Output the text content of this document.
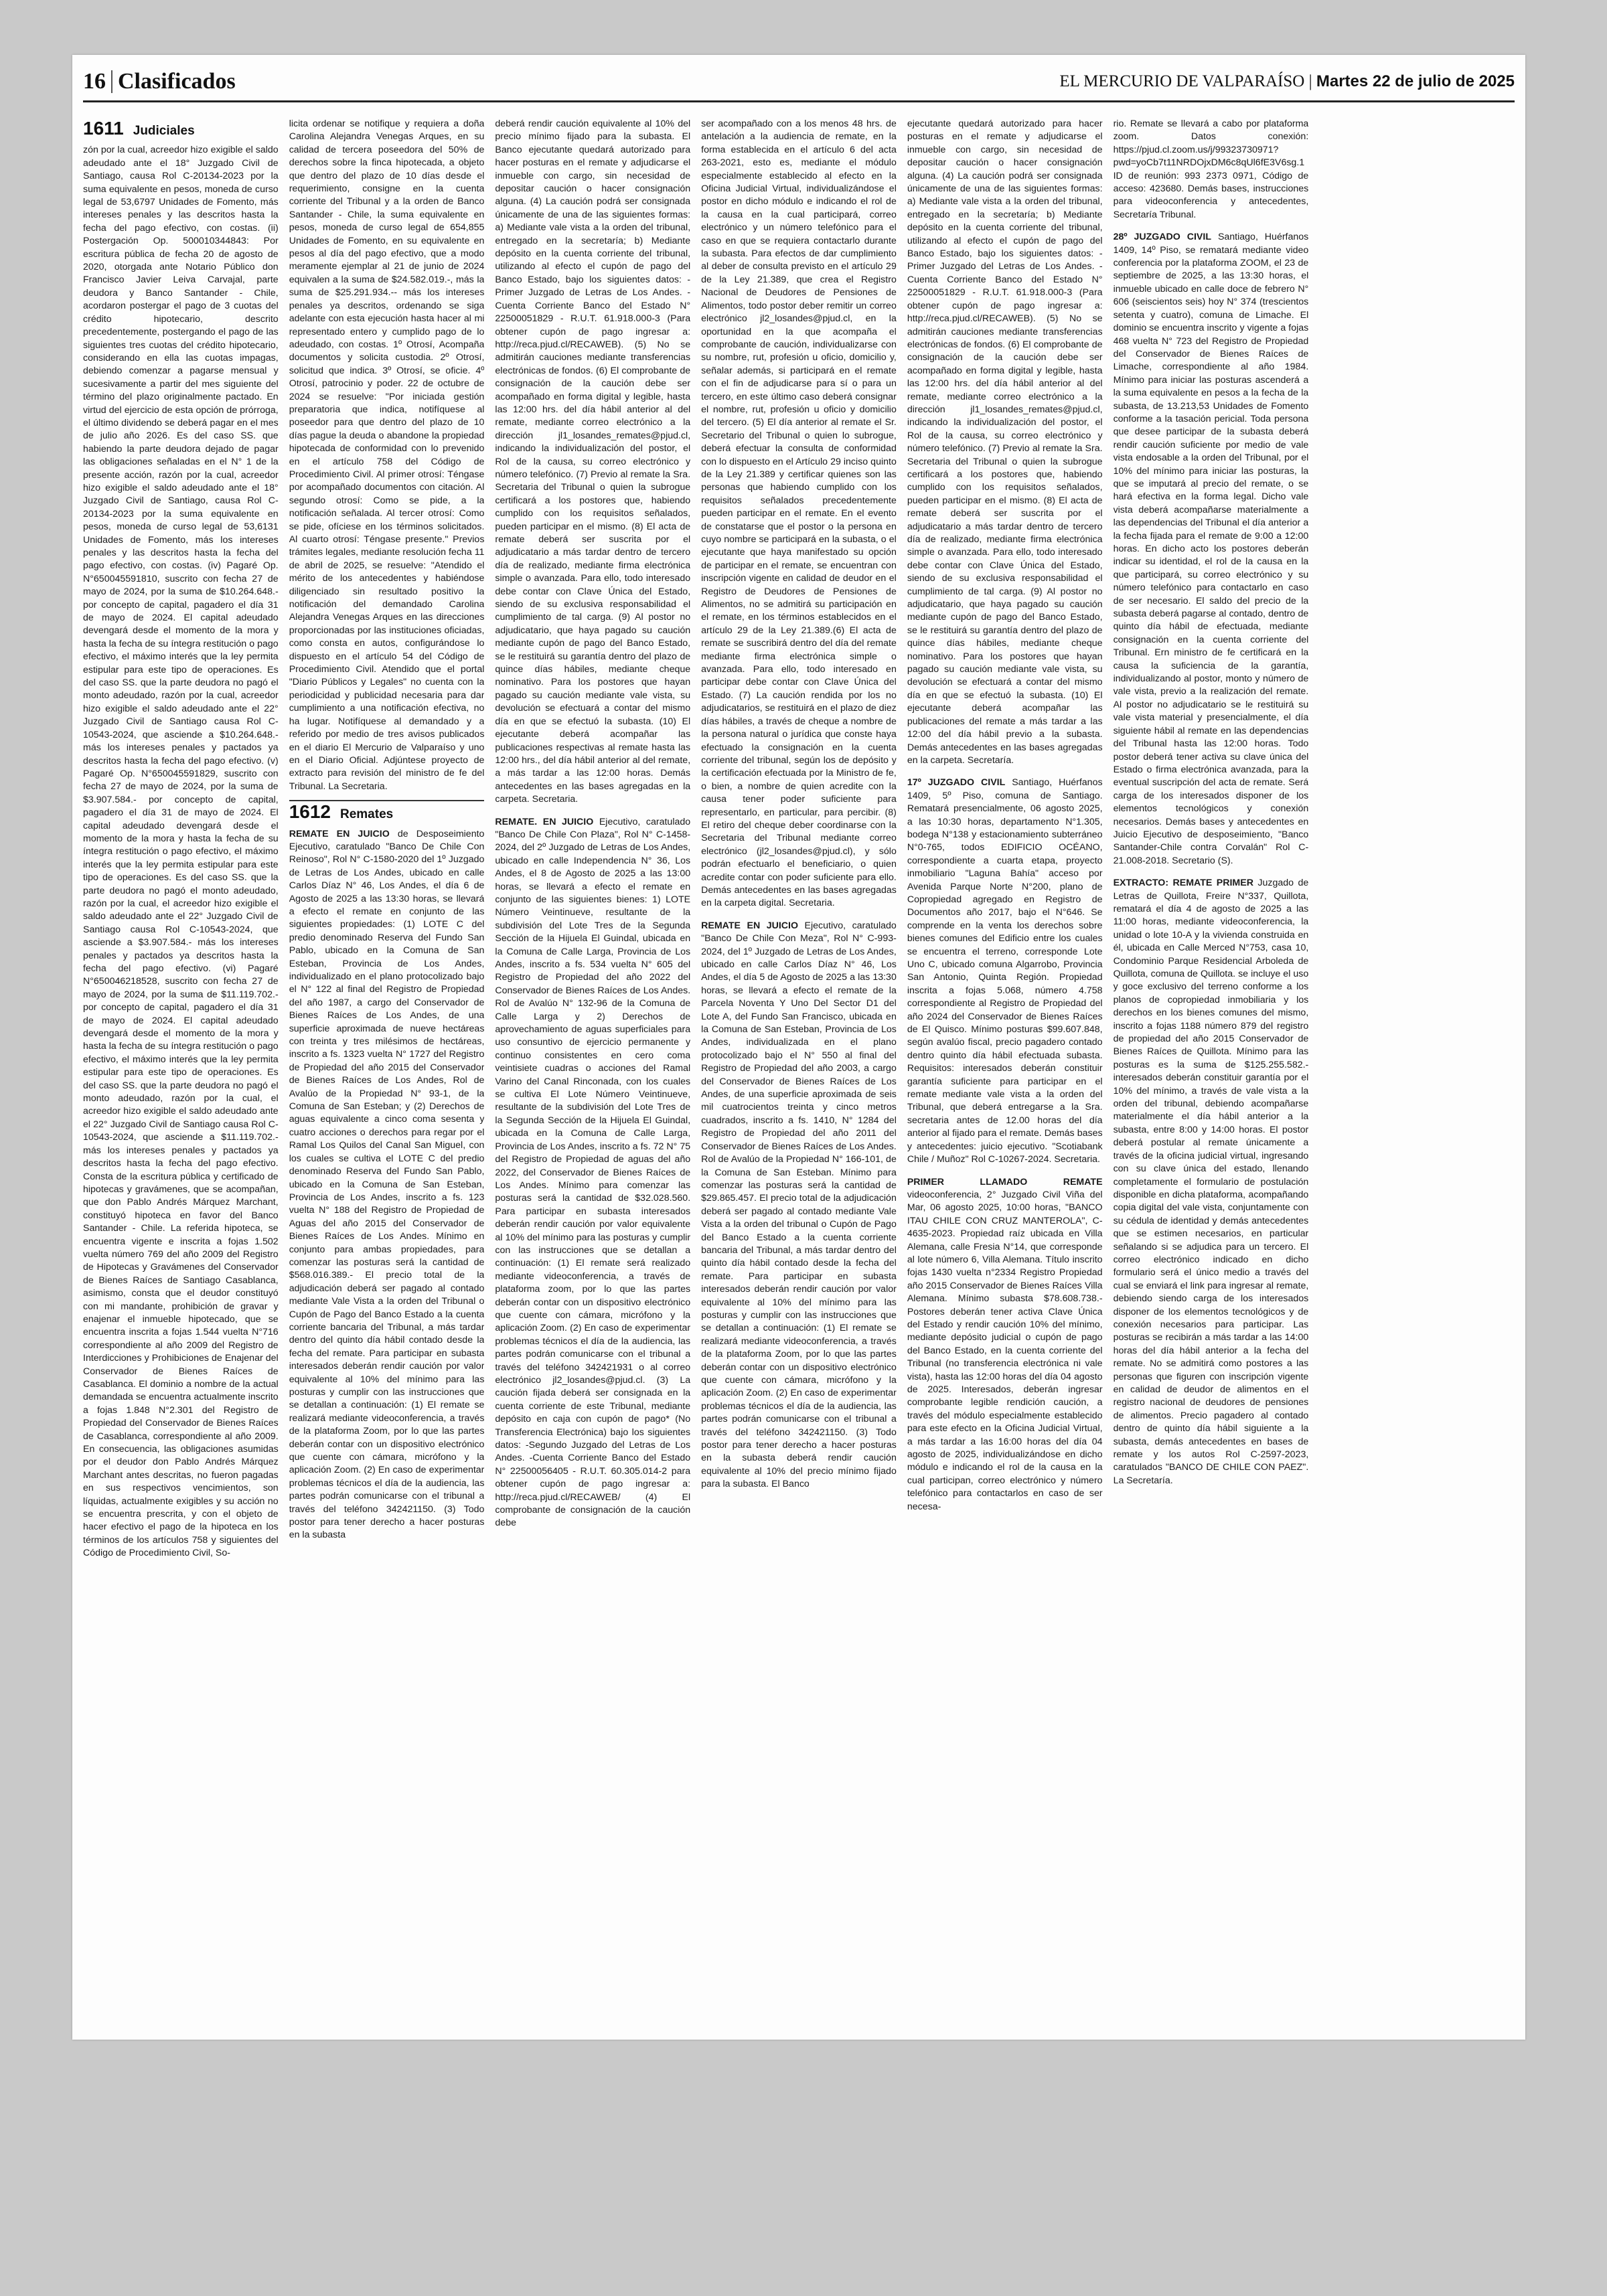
16 Clasificados	EL MERCURIO DE VALPARAÍSO | Martes 22 de julio de 2025
1611 Judiciales

zón por la cual, acreedor hizo exigible el saldo adeudado ante el 18° Juzgado Civil de Santiago, causa Rol C-20134-2023 por la suma equivalente en pesos, moneda de curso legal de 53,6797 Unidades de Fomento, más intereses penales y las descritos hasta la fecha del pago efectivo, con costas. (ii) Postergación Op. 500010344843: Por escritura pública de fecha 20 de agosto de 2020, otorgada ante Notario Público don Francisco Javier Leiva Carvajal, parte deudora y Banco Santander - Chile, acordaron postergar el pago de 3 cuotas del crédito hipotecario, descrito precedentemente, postergando el pago de las siguientes tres cuotas del crédito hipotecario, considerando en ella las cuotas impagas, debiendo comenzar a pagarse mensual y sucesivamente a partir del mes siguiente del término del plazo originalmente pactado. En virtud del ejercicio de esta opción de prórroga, el último dividendo se deberá pagar en el mes de julio año 2026. Es del caso SS. que habiendo la parte deudora dejado de pagar las obligaciones señaladas en el N° 1 de la presente acción, razón por la cual, acreedor hizo exigible el saldo adeudado ante el 18° Juzgado Civil de Santiago, causa Rol C-20134-2023 por la suma equivalente en pesos, moneda de curso legal de 53,6131 Unidades de Fomento, más los intereses penales y las descritos hasta la fecha del pago efectivo, con costas. (iv) Pagaré Op. N°650045591810, suscrito con fecha 27 de mayo de 2024, por la suma de $10.264.648.- por concepto de capital, pagadero el día 31 de mayo de 2024. El capital adeudado devengará desde el momento de la mora y hasta la fecha de su íntegra restitución o pago efectivo, el máximo interés que la ley permita estipular para este tipo de operaciones. Es del caso SS. que la parte deudora no pagó el monto adeudado, razón por la cual, acreedor hizo exigible el saldo adeudado ante el 22° Juzgado Civil de Santiago causa Rol C-10543-2024, que asciende a $10.264.648.- más los intereses penales y pactados ya descritos hasta la fecha del pago efectivo. (v) Pagaré Op. N°650045591829, suscrito con fecha 27 de mayo de 2024, por la suma de $3.907.584.- por concepto de capital, pagadero el día 31 de mayo de 2024. El capital adeudado devengará desde el momento de la mora y hasta la fecha de su íntegra restitución o pago efectivo, el máximo interés que la ley permita estipular para este tipo de operaciones. Es del caso SS. que la parte deudora no pagó el monto adeudado, razón por la cual, el acreedor hizo exigible el saldo adeudado ante el 22° Juzgado Civil de Santiago causa Rol C-10543-2024, que asciende a $3.907.584.- más los intereses penales y pactados ya descritos hasta la fecha del pago efectivo. (vi) Pagaré N°650046218528, suscrito con fecha 27 de mayo de 2024, por la suma de $11.119.702.- por concepto de capital, pagadero el día 31 de mayo de 2024. El capital adeudado devengará desde el momento de la mora y hasta la fecha de su íntegra restitución o pago efectivo, el máximo interés que la ley permita estipular para este tipo de operaciones. Es del caso SS. que la parte deudora no pagó el monto adeudado, razón por la cual, el acreedor hizo exigible el saldo adeudado ante el 22° Juzgado Civil de Santiago causa Rol C-10543-2024, que asciende a $11.119.702.- más los intereses penales y pactados ya descritos hasta la fecha del pago efectivo. Consta de la escritura pública y certificado de hipotecas y gravámenes, que se acompañan, que don Pablo Andrés Márquez Marchant, constituyó hipoteca en favor del Banco Santander - Chile. La referida hipoteca, se encuentra vigente e inscrita a fojas 1.502 vuelta número 769 del año 2009 del Registro de Hipotecas y Gravámenes del Conservador de Bienes Raíces de Santiago Casablanca, asimismo, consta que el deudor constituyó con mi mandante, prohibición de gravar y enajenar el inmueble hipotecado, que se encuentra inscrita a fojas 1.544 vuelta N°716 correspondiente al año 2009 del Registro de Interdicciones y Prohibiciones de Enajenar del Conservador de Bienes Raíces de Casablanca. El dominio a nombre de la actual demandada se encuentra actualmente inscrito a fojas 1.848 N°2.301 del Registro de Propiedad del Conservador de Bienes Raíces de Casablanca, correspondiente al año 2009. En consecuencia, las obligaciones asumidas por el deudor don Pablo Andrés Márquez Marchant antes descritas, no fueron pagadas en sus respectivos vencimientos, son líquidas, actualmente exigibles y su acción no se encuentra prescrita, y con el objeto de hacer efectivo el pago de la hipoteca en los términos de los artículos 758 y siguientes del Código de Procedimiento Civil, So-

licita ordenar se notifique y requiera a doña Carolina Alejandra Venegas Arques, en su calidad de tercera poseedora del 50% de derechos sobre la finca hipotecada, a objeto que dentro del plazo de 10 días desde el requerimiento, consigne en la cuenta corriente del Tribunal y a la orden de Banco Santander - Chile, la suma equivalente en pesos, moneda de curso legal de 654,855 Unidades de Fomento, en su equivalente en pesos al día del pago efectivo, que a modo meramente ejemplar al 21 de junio de 2024 equivalen a la suma de $24.582.019.-, más la suma de $25.291.934.-- más los intereses penales ya descritos, ordenando se siga adelante con esta ejecución hasta hacer al mi representado entero y cumplido pago de lo adeudado, con costas. 1º Otrosí, Acompaña documentos y solicita custodia. 2º Otrosí, solicitud que indica. 3º Otrosí, se oficie. 4º Otrosí, patrocinio y poder. 22 de octubre de 2024 se resuelve: "Por iniciada gestión preparatoria que indica, notifíquese al poseedor para que dentro del plazo de 10 días pague la deuda o abandone la propiedad hipotecada de conformidad con lo prevenido en el artículo 758 del Código de Procedimiento Civil. Al primer otrosí: Téngase por acompañado documentos con citación. Al segundo otrosí: Como se pide, a la notificación señalada. Al tercer otrosí: Como se pide, ofíciese en los términos solicitados. Al cuarto otrosí: Téngase presente." Previos trámites legales, mediante resolución fecha 11 de abril de 2025, se resuelve: "Atendido el mérito de los antecedentes y habiéndose diligenciado sin resultado positivo la notificación del demandado Carolina Alejandra Venegas Arques en las direcciones proporcionadas por las instituciones oficiadas, como consta en autos, configurándose lo dispuesto en el artículo 54 del Código de Procedimiento Civil. Atendido que el portal "Diario Públicos y Legales" no cuenta con la periodicidad y publicidad necesaria para dar cumplimiento a una notificación efectiva, no ha lugar. Notifíquese al demandado y a referido por medio de tres avisos publicados en el diario El Mercurio de Valparaíso y uno en el Diario Oficial. Adjúntese proyecto de extracto para revisión del ministro de fe del Tribunal. La Secretaria.

1612 Remates

REMATE EN JUICIO de Desposeimiento Ejecutivo, caratulado "Banco De Chile Con Reinoso", Rol N° C-1580-2020 del 1º Juzgado de Letras de Los Andes, ubicado en calle Carlos Díaz N° 46, Los Andes, el día 6 de Agosto de 2025 a las 13:30 horas, se llevará a efecto el remate en conjunto de las siguientes propiedades: (1) LOTE C del predio denominado Reserva del Fundo San Pablo, ubicado en la Comuna de San Esteban, Provincia de Los Andes, individualizado en el plano protocolizado bajo el N° 122 al final del Registro de Propiedad del año 1987, a cargo del Conservador de Bienes Raíces de Los Andes, de una superficie aproximada de nueve hectáreas con treinta y tres milésimos de hectáreas, inscrito a fs. 1323 vuelta N° 1727 del Registro de Propiedad del año 2015 del Conservador de Bienes Raíces de Los Andes, Rol de Avalúo de la Propiedad N° 93-1, de la Comuna de San Esteban; y (2) Derechos de aguas equivalente a cinco coma sesenta y cuatro acciones o derechos para regar por el Ramal Los Quilos del Canal San Miguel, con los cuales se cultiva el LOTE C del predio denominado Reserva del Fundo San Pablo, ubicado en la Comuna de San Esteban, Provincia de Los Andes, inscrito a fs. 123 vuelta N° 188 del Registro de Propiedad de Aguas del año 2015 del Conservador de Bienes Raíces de Los Andes. Mínimo en conjunto para ambas propiedades, para comenzar las posturas será la cantidad de $568.016.389.- El precio total de la adjudicación deberá ser pagado al contado mediante Vale Vista a la orden del Tribunal o Cupón de Pago del Banco Estado a la cuenta corriente bancaria del Tribunal, a más tardar dentro del quinto día hábil contado desde la fecha del remate. Para participar en subasta interesados deberán rendir caución por valor equivalente al 10% del mínimo para las posturas y cumplir con las instrucciones que se detallan a continuación: (1) El remate se realizará mediante videoconferencia, a través de la plataforma Zoom, por lo que las partes deberán contar con un dispositivo electrónico que cuente con cámara, micrófono y la aplicación Zoom. (2) En caso de experimentar problemas técnicos el día de la audiencia, las partes podrán comunicarse con el tribunal a través del teléfono 342421150. (3) Todo postor para tener derecho a hacer posturas en la subasta

deberá rendir caución equivalente al 10% del precio mínimo fijado para la subasta. El Banco ejecutante quedará autorizado para hacer posturas en el remate y adjudicarse el inmueble con cargo, sin necesidad de depositar caución o hacer consignación alguna. (4) La caución podrá ser consignada únicamente de una de las siguientes formas: a) Mediante vale vista a la orden del tribunal, entregado en la secretaría; b) Mediante depósito en la cuenta corriente del tribunal, utilizando al efecto el cupón de pago del Banco Estado, bajo los siguientes datos: -Primer Juzgado de Letras de Los Andes. -Cuenta Corriente Banco del Estado N° 22500051829 - R.U.T. 61.918.000-3 (Para obtener cupón de pago ingresar a: http://reca.pjud.cl/RECAWEB). (5) No se admitirán cauciones mediante transferencias electrónicas de fondos. (6) El comprobante de consignación de la caución debe ser acompañado en forma digital y legible, hasta las 12:00 hrs. del día hábil anterior al del remate, mediante correo electrónico a la dirección jl1_losandes_remates@pjud.cl, indicando la individualización del postor, el Rol de la causa, su correo electrónico y número telefónico. (7) Previo al remate la Sra. Secretaria del Tribunal o quien la subrogue certificará a los postores que, habiendo cumplido con los requisitos señalados, pueden participar en el mismo. (8) El acta de remate deberá ser suscrita por el adjudicatario a más tardar dentro de tercero día de realizado, mediante firma electrónica simple o avanzada. Para ello, todo interesado debe contar con Clave Única del Estado, siendo de su exclusiva responsabilidad el cumplimiento de tal carga. (9) Al postor no adjudicatario, que haya pagado su caución mediante cupón de pago del Banco Estado, se le restituirá su garantía dentro del plazo de quince días hábiles, mediante cheque nominativo. Para los postores que hayan pagado su caución mediante vale vista, su devolución se efectuará a contar del mismo día en que se efectuó la subasta. (10) El ejecutante deberá acompañar las publicaciones respectivas al remate hasta las 12:00 hrs., del día hábil anterior al del remate, a más tardar a las 12:00 horas. Demás antecedentes en las bases agregadas en la carpeta. Secretaria.

REMATE. EN JUICIO Ejecutivo, caratulado "Banco De Chile Con Plaza", Rol N° C-1458-2024, del 2º Juzgado de Letras de Los Andes, ubicado en calle Independencia N° 36, Los Andes, el 8 de Agosto de 2025 a las 13:00 horas, se llevará a efecto el remate en conjunto de las siguientes bienes: 1) LOTE Número Veintinueve, resultante de la subdivisión del Lote Tres de la Segunda Sección de la Hijuela El Guindal, ubicada en la Comuna de Calle Larga, Provincia de Los Andes, inscrito a fs. 534 vuelta N° 605 del Registro de Propiedad del año 2022 del Conservador de Bienes Raíces de Los Andes. Rol de Avalúo N° 132-96 de la Comuna de Calle Larga y 2) Derechos de aprovechamiento de aguas superficiales para uso consuntivo de ejercicio permanente y continuo consistentes en cero coma veintisiete cuadras o acciones del Ramal Varino del Canal Rinconada, con los cuales se cultiva El Lote Número Veintinueve, resultante de la subdivisión del Lote Tres de la Segunda Sección de la Hijuela El Guindal, ubicada en la Comuna de Calle Larga, Provincia de Los Andes, inscrito a fs. 72 N° 75 del Registro de Propiedad de aguas del año 2022, del Conservador de Bienes Raíces de Los Andes. Mínimo para comenzar las posturas será la cantidad de $32.028.560. Para participar en subasta interesados deberán rendir caución por valor equivalente al 10% del mínimo para las posturas y cumplir con las instrucciones que se detallan a continuación: (1) El remate será realizado mediante videoconferencia, a través de plataforma zoom, por lo que las partes deberán contar con un dispositivo electrónico que cuente con cámara, micrófono y la aplicación Zoom. (2) En caso de experimentar problemas técnicos el día de la audiencia, las partes podrán comunicarse con el tribunal a través del teléfono 342421931 o al correo electrónico jl2_losandes@pjud.cl. (3) La caución fijada deberá ser consignada en la cuenta corriente de este Tribunal, mediante depósito en caja con cupón de pago* (No Transferencia Electrónica) bajo los siguientes datos: -Segundo Juzgado del Letras de Los Andes. -Cuenta Corriente Banco del Estado N° 22500056405 - R.U.T. 60.305.014-2 para obtener cupón de pago ingresar a: http://reca.pjud.cl/RECAWEB/ (4) El comprobante de consignación de la caución debe

ser acompañado con a los menos 48 hrs. de antelación a la audiencia de remate, en la forma establecida en el artículo 6 del acta 263-2021, esto es, mediante el módulo especialmente establecido al efecto en la Oficina Judicial Virtual, individualizándose el postor en dicho módulo e indicando el rol de la causa en la cual participará, correo electrónico y un número telefónico para el caso en que se requiera contactarlo durante la subasta. Para efectos de dar cumplimiento al deber de consulta previsto en el artículo 29 de la Ley 21.389, que crea el Registro Nacional de Deudores de Pensiones de Alimentos, todo postor deber remitir un correo electrónico jl2_losandes@pjud.cl, en la oportunidad en la que acompaña el comprobante de caución, individualizarse con su nombre, rut, profesión u oficio, domicilio y, señalar además, si participará en el remate con el fin de adjudicarse para sí o para un tercero, en este último caso deberá consignar el nombre, rut, profesión u oficio y domicilio del tercero. (5) El día anterior al remate el Sr. Secretario del Tribunal o quien lo subrogue, deberá efectuar la consulta de conformidad con lo dispuesto en el Artículo 29 inciso quinto de la Ley 21.389 y certificar quienes son las personas que habiendo cumplido con los requisitos señalados precedentemente pueden participar en el remate. En el evento de constatarse que el postor o la persona en cuyo nombre se participará en la subasta, o el ejecutante que haya manifestado su opción de participar en el remate, se encuentran con inscripción vigente en calidad de deudor en el Registro de Deudores de Pensiones de Alimentos, no se admitirá su participación en el remate, en los términos establecidos en el artículo 29 de la Ley 21.389.(6) El acta de remate se suscribirá dentro del día del remate mediante firma electrónica simple o avanzada. Para ello, todo interesado en participar debe contar con Clave Única del Estado. (7) La caución rendida por los no adjudicatarios, se restituirá en el plazo de diez días hábiles, a través de cheque a nombre de la persona natural o jurídica que conste haya efectuado la consignación en la cuenta corriente del tribunal, según los de depósito y la certificación efectuada por la Ministro de fe, o bien, a nombre de quien acredite con la causa tener poder suficiente para representarlo, en particular, para percibir. (8) El retiro del cheque deber coordinarse con la Secretaria del Tribunal mediante correo electrónico (jl2_losandes@pjud.cl), y sólo podrán efectuarlo el beneficiario, o quien acredite contar con poder suficiente para ello. Demás antecedentes en las bases agregadas en la carpeta digital. Secretaria.

REMATE EN JUICIO Ejecutivo, caratulado "Banco De Chile Con Meza", Rol N° C-993-2024, del 1º Juzgado de Letras de Los Andes, ubicado en calle Carlos Díaz N° 46, Los Andes, el día 5 de Agosto de 2025 a las 13:30 horas, se llevará a efecto el remate de la Parcela Noventa Y Uno Del Sector D1 del Lote A, del Fundo San Francisco, ubicada en la Comuna de San Esteban, Provincia de Los Andes, individualizada en el plano protocolizado bajo el N° 550 al final del Registro de Propiedad del año 2003, a cargo del Conservador de Bienes Raíces de Los Andes, de una superficie aproximada de seis mil cuatrocientos treinta y cinco metros cuadrados, inscrito a fs. 1410, N° 1284 del Registro de Propiedad del año 2011 del Conservador de Bienes Raíces de Los Andes. Rol de Avalúo de la Propiedad N° 166-101, de la Comuna de San Esteban. Mínimo para comenzar las posturas será la cantidad de $29.865.457. El precio total de la adjudicación deberá ser pagado al contado mediante Vale Vista a la orden del tribunal o Cupón de Pago del Banco Estado a la cuenta corriente bancaria del Tribunal, a más tardar dentro del quinto día hábil contado desde la fecha del remate. Para participar en subasta interesados deberán rendir caución por valor equivalente al 10% del mínimo para las posturas y cumplir con las instrucciones que se detallan a continuación: (1) El remate se realizará mediante videoconferencia, a través de la plataforma Zoom, por lo que las partes deberán contar con un dispositivo electrónico que cuente con cámara, micrófono y la aplicación Zoom. (2) En caso de experimentar problemas técnicos el día de la audiencia, las partes podrán comunicarse con el tribunal a través del teléfono 342421150. (3) Todo postor para tener derecho a hacer posturas en la subasta deberá rendir caución equivalente al 10% del precio mínimo fijado para la subasta. El Banco

ejecutante quedará autorizado para hacer posturas en el remate y adjudicarse el inmueble con cargo, sin necesidad de depositar caución o hacer consignación alguna. (4) La caución podrá ser consignada únicamente de una de las siguientes formas: a) Mediante vale vista a la orden del tribunal, entregado en la secretaría; b) Mediante depósito en la cuenta corriente del tribunal, utilizando al efecto el cupón de pago del Banco Estado, bajo los siguientes datos: -Primer Juzgado del Letras de Los Andes. -Cuenta Corriente Banco del Estado N° 22500051829 - R.U.T. 61.918.000-3 (Para obtener cupón de pago ingresar a: http://reca.pjud.cl/RECAWEB). (5) No se admitirán cauciones mediante transferencias electrónicas de fondos. (6) El comprobante de consignación de la caución debe ser acompañado en forma digital y legible, hasta las 12:00 hrs. del día hábil anterior al del remate, mediante correo electrónico a la dirección jl1_losandes_remates@pjud.cl, indicando la individualización del postor, el Rol de la causa, su correo electrónico y número telefónico. (7) Previo al remate la Sra. Secretaria del Tribunal o quien la subrogue certificará a los postores que, habiendo cumplido con los requisitos señalados, pueden participar en el mismo. (8) El acta de remate deberá ser suscrita por el adjudicatario a más tardar dentro de tercero día de realizado, mediante firma electrónica simple o avanzada. Para ello, todo interesado debe contar con Clave Única del Estado, siendo de su exclusiva responsabilidad el cumplimiento de tal carga. (9) Al postor no adjudicatario, que haya pagado su caución mediante cupón de pago del Banco Estado, se le restituirá su garantía dentro del plazo de quince días hábiles, mediante cheque nominativo. Para los postores que hayan pagado su caución mediante vale vista, su devolución se efectuará a contar del mismo día en que se efectuó la subasta. (10) El ejecutante deberá acompañar las publicaciones del remate a más tardar a las 12:00 del día hábil previo a la subasta. Demás antecedentes en las bases agregadas en la carpeta. Secretaría.

17º JUZGADO CIVIL Santiago, Huérfanos 1409, 5º Piso, comuna de Santiago. Rematará presencialmente, 06 agosto 2025, a las 10:30 horas, departamento N°1.305, bodega N°138 y estacionamiento subterráneo N°0-765, todos EDIFICIO OCÉANO, correspondiente a cuarta etapa, proyecto inmobiliario "Laguna Bahía" acceso por Avenida Parque Norte N°200, plano de Copropiedad agregado en Registro de Documentos año 2017, bajo el N°646. Se comprende en la venta los derechos sobre bienes comunes del Edificio entre los cuales se encuentra el terreno, corresponde Lote Uno C, ubicado comuna Algarrobo, Provincia San Antonio, Quinta Región. Propiedad inscrita a fojas 5.068, número 4.758 correspondiente al Registro de Propiedad del año 2024 del Conservador de Bienes Raíces de El Quisco. Mínimo posturas $99.607.848, según avalúo fiscal, precio pagadero contado dentro quinto día hábil efectuada subasta. Requisitos: interesados deberán constituir garantía suficiente para participar en el remate mediante vale vista a la orden del Tribunal, que deberá entregarse a la Sra. secretaria antes de 12.00 horas del día anterior al fijado para el remate. Demás bases y antecedentes: juicio ejecutivo. "Scotiabank Chile / Muñoz" Rol C-10267-2024. Secretaria.

PRIMER LLAMADO REMATE videoconferencia, 2° Juzgado Civil Viña del Mar, 06 agosto 2025, 10:00 horas, "BANCO ITAU CHILE CON CRUZ MANTEROLA", C-4635-2023. Propiedad raíz ubicada en Villa Alemana, calle Fresia N°14, que corresponde al lote número 6, Villa Alemana. Título inscrito fojas 1430 vuelta n°2334 Registro Propiedad año 2015 Conservador de Bienes Raíces Villa Alemana. Mínimo subasta $78.608.738.- Postores deberán tener activa Clave Única del Estado y rendir caución 10% del mínimo, mediante depósito judicial o cupón de pago del Banco Estado, en la cuenta corriente del Tribunal (no transferencia electrónica ni vale vista), hasta las 12:00 horas del día 04 agosto de 2025. Interesados, deberán ingresar comprobante legible rendición caución, a través del módulo especialmente establecido para este efecto en la Oficina Judicial Virtual, a más tardar a las 16:00 horas del día 04 agosto de 2025, individualizándose en dicho módulo e indicando el rol de la causa en la cual participan, correo electrónico y número telefónico para contactarlos en caso de ser necesa-

rio. Remate se llevará a cabo por plataforma zoom. Datos conexión: https://pjud.cl.zoom.us/j/99323730971?pwd=yoCb7t11NRDOjxDM6c8qUl6fE3V6sg.1 ID de reunión: 993 2373 0971, Código de acceso: 423680. Demás bases, instrucciones para videoconferencia y antecedentes, Secretaría Tribunal.

28º JUZGADO CIVIL Santiago, Huérfanos 1409, 14º Piso, se rematará mediante video conferencia por la plataforma ZOOM, el 23 de septiembre de 2025, a las 13:30 horas, el inmueble ubicado en calle doce de febrero N° 606 (seiscientos seis) hoy N° 374 (trescientos setenta y cuatro), comuna de Limache. El dominio se encuentra inscrito y vigente a fojas 468 vuelta N° 723 del Registro de Propiedad del Conservador de Bienes Raíces de Limache, correspondiente al año 1984. Mínimo para iniciar las posturas ascenderá a la suma equivalente en pesos a la fecha de la subasta, de 13.213,53 Unidades de Fomento conforme a la tasación pericial. Toda persona que desee participar de la subasta deberá rendir caución suficiente por medio de vale vista endosable a la orden del Tribunal, por el 10% del mínimo para iniciar las posturas, la que se imputará al precio del remate, o se hará efectiva en la forma legal. Dicho vale vista deberá acompañarse materialmente a las dependencias del Tribunal el día anterior a la fecha fijada para el remate de 9:00 a 12:00 horas. En dicho acto los postores deberán indicar su identidad, el rol de la causa en la que participará, su correo electrónico y su número telefónico para contactarlo en caso de ser necesario. El saldo del precio de la subasta deberá pagarse al contado, dentro de quinto día hábil de efectuada, mediante consignación en la cuenta corriente del Tribunal. Ern ministro de fe certificará en la causa la suficiencia de la garantía, individualizando al postor, monto y número de vale vista, previo a la realización del remate. Al postor no adjudicatario se le restituirá su vale vista material y presencialmente, el día siguiente hábil al remate en las dependencias del Tribunal hasta las 12:00 horas. Todo postor deberá tener activa su clave única del Estado o firma electrónica avanzada, para la eventual suscripción del acta de remate. Será carga de los interesados disponer de los elementos tecnológicos y conexión necesarios. Demás bases y antecedentes en Juicio Ejecutivo de desposeimiento, "Banco Santander-Chile contra Corvalán" Rol C-21.008-2018. Secretario (S).

EXTRACTO: REMATE PRIMER Juzgado de Letras de Quillota, Freire N°337, Quillota, rematará el día 4 de agosto de 2025 a las 11:00 horas, mediante videoconferencia, la unidad o lote 10-A y la vivienda construida en él, ubicada en Calle Merced N°753, casa 10, Condominio Parque Residencial Arboleda de Quillota, comuna de Quillota. se incluye el uso y goce exclusivo del terreno conforme a los planos de copropiedad inmobiliaria y los derechos en los bienes comunes del mismo, inscrito a fojas 1188 número 879 del registro de propiedad del año 2015 Conservador de Bienes Raíces de Quillota. Mínimo para las posturas es la suma de $125.255.582.- interesados deberán constituir garantía por el 10% del mínimo, a través de vale vista a la orden del tribunal, debiendo acompañarse materialmente el día hábil anterior a la subasta, entre 8:00 y 14:00 horas. El postor deberá postular al remate únicamente a través de la oficina judicial virtual, ingresando con su clave única del estado, llenando completamente el formulario de postulación disponible en dicha plataforma, acompañando copia digital del vale vista, conjuntamente con su cédula de identidad y demás antecedentes que se estimen necesarios, en particular señalando si se adjudica para un tercero. El correo electrónico indicado en dicho formulario será el único medio a través del cual se enviará el link para ingresar al remate, debiendo siendo carga de los interesados disponer de los elementos tecnológicos y de conexión necesarios para participar. Las posturas se recibirán a más tardar a las 14:00 horas del día hábil anterior a la fecha del remate. No se admitirá como postores a las personas que figuren con inscripción vigente en calidad de deudor de alimentos en el registro nacional de deudores de pensiones de alimentos. Precio pagadero al contado dentro de quinto día hábil siguiente a la subasta, demás antecedentes en bases de remate y los autos Rol C-2597-2023, caratulados "BANCO DE CHILE CON PAEZ". La Secretaría.
